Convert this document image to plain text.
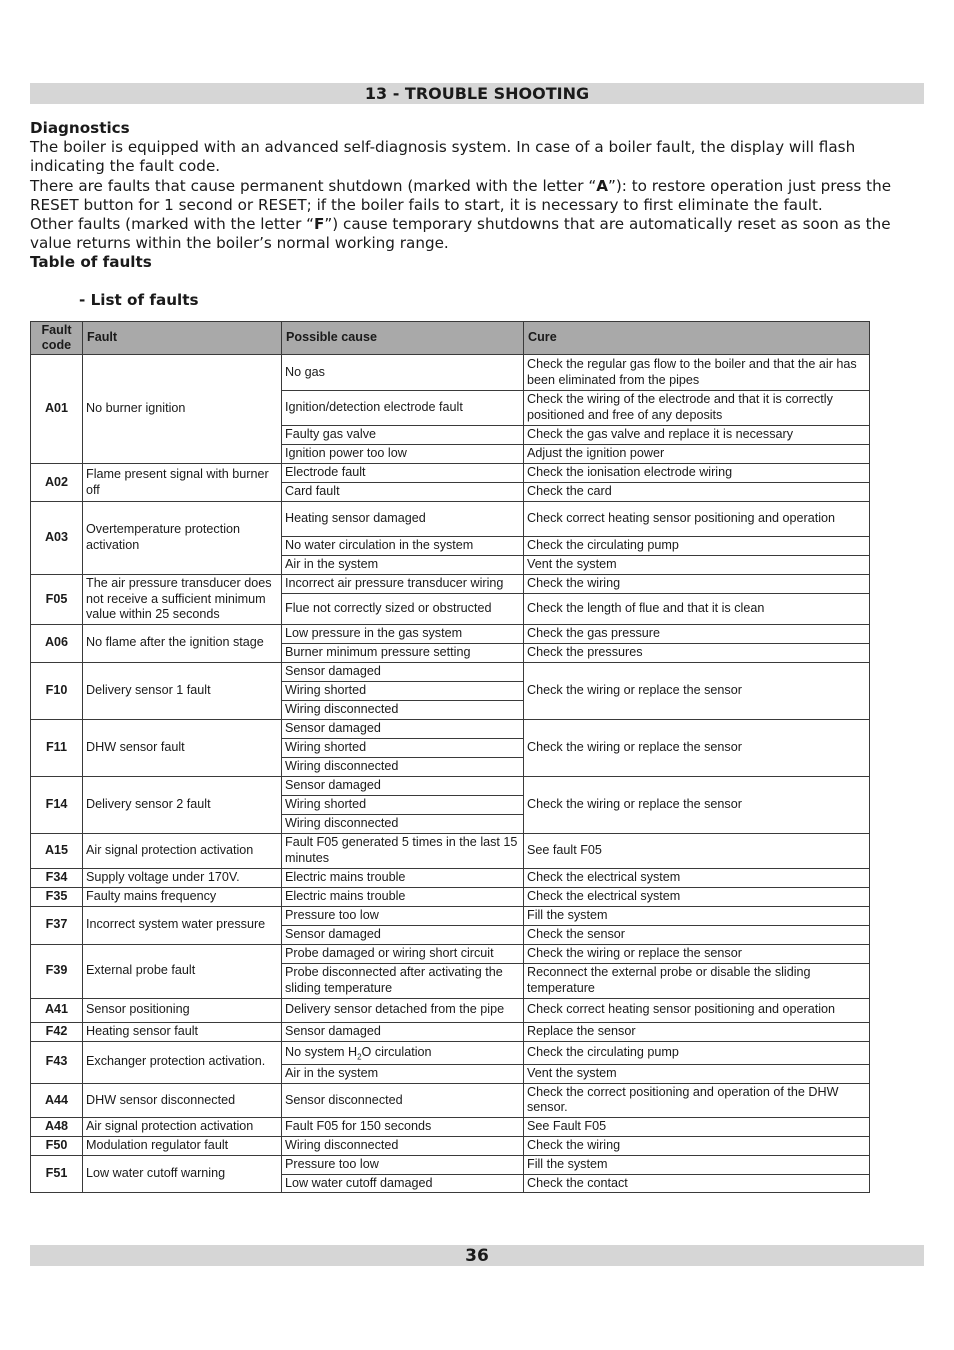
13 - TROUBLE SHOOTING

Diagnostics

The boiler is equipped with an advanced self-diagnosis system. In case of a boiler fault, the display will flash indicating the fault code.

There are faults that cause permanent shutdown (marked with the letter “A”): to restore operation just press the RESET button for 1 second or RESET; if the boiler fails to start, it is necessary to first eliminate the fault.

Other faults (marked with the letter “F”) cause temporary shutdowns that are automatically reset as soon as the value returns within the boiler’s normal working range.

Table of faults

- List of faults
Fault code	Fault	Possible cause	Cure
A01	No burner ignition	No gas	Check the regular gas flow to the boiler and that the air has been eliminated from the pipes
		Ignition/detection electrode fault	Check the wiring of the electrode and that it is correctly positioned and free of any deposits
		Faulty gas valve	Check the gas valve and replace it is necessary
		Ignition power too low	Adjust the ignition power
A02	Flame present signal with burner off	Electrode fault	Check the ionisation electrode wiring
		Card fault	Check the card
A03	Overtemperature protection activation	Heating sensor damaged	Check correct heating sensor positioning and operation
		No water circulation in the system	Check the circulating pump
		Air in the system	Vent the system
F05	The air pressure transducer does not receive a sufficient minimum value within 25 seconds	Incorrect air pressure transducer wiring	Check the wiring
		Flue not correctly sized or obstructed	Check the length of flue and that it is clean
A06	No flame after the ignition stage	Low pressure in the gas system	Check the gas pressure
		Burner minimum pressure setting	Check the pressures
F10	Delivery sensor 1 fault	Sensor damaged	Check the wiring or replace the sensor
		Wiring shorted	
		Wiring disconnected	
F11	DHW sensor fault	Sensor damaged	Check the wiring or replace the sensor
		Wiring shorted	
		Wiring disconnected	
F14	Delivery sensor 2 fault	Sensor damaged	Check the wiring or replace the sensor
		Wiring shorted	
		Wiring disconnected	
A15	Air signal protection activation	Fault F05 generated 5 times in the last 15 minutes	See fault F05
F34	Supply voltage under 170V.	Electric mains trouble	Check the electrical system
F35	Faulty mains frequency	Electric mains trouble	Check the electrical system
F37	Incorrect system water pressure	Pressure too low	Fill the system
		Sensor damaged	Check the sensor
F39	External probe fault	Probe damaged or wiring short circuit	Check the wiring or replace the sensor
		Probe disconnected after activating the sliding temperature	Reconnect the external probe or disable the sliding temperature
A41	Sensor positioning	Delivery sensor detached from the pipe	Check correct heating sensor positioning and operation
F42	Heating sensor fault	Sensor damaged	Replace the sensor
F43	Exchanger protection activation.	No system $H_2O$ circulation	Check the circulating pump
		Air in the system	Vent the system
A44	DHW sensor disconnected	Sensor disconnected	Check the correct positioning and operation of the DHW sensor.
A48	Air signal protection activation	Fault F05 for 150 seconds	See Fault F05
F50	Modulation regulator fault	Wiring disconnected	Check the wiring
F51	Low water cutoff warning	Pressure too low	Fill the system
		Low water cutoff damaged	Check the contact
36
